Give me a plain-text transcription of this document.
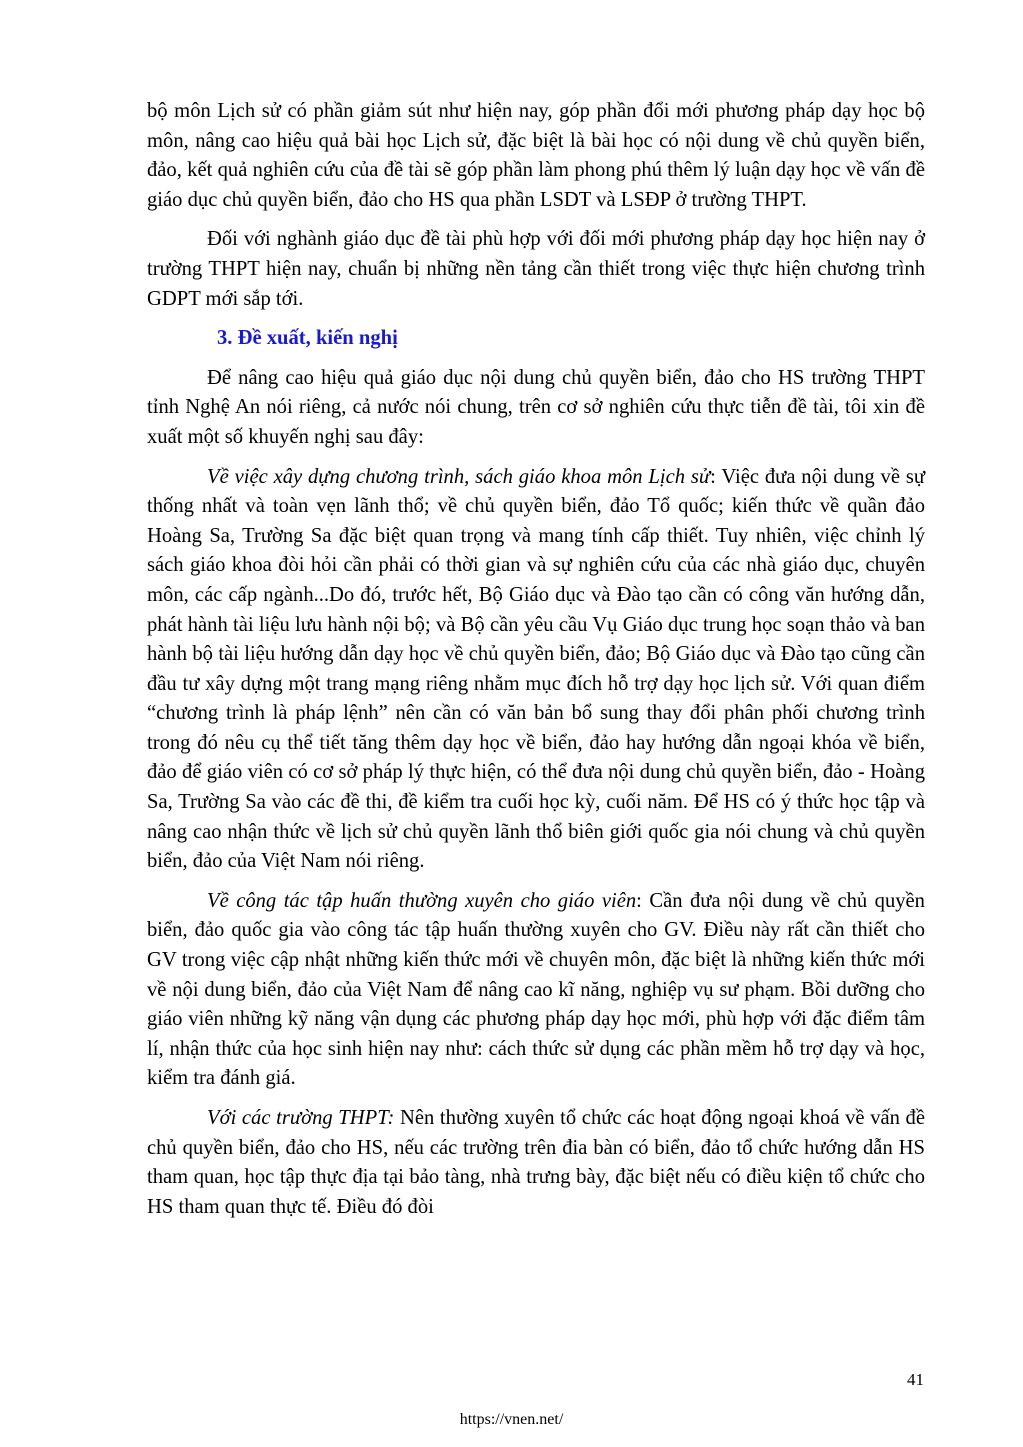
bộ môn Lịch sử có phần giảm sút như hiện nay, góp phần đổi mới phương pháp dạy học bộ môn, nâng cao hiệu quả bài học Lịch sử, đặc biệt là bài học có nội dung về chủ quyền biển, đảo, kết quả nghiên cứu của đề tài sẽ góp phần làm phong phú thêm lý luận dạy học về vấn đề giáo dục chủ quyền biển, đảo cho HS qua phần LSDT và LSĐP ở trường THPT.

Đối với nghành giáo dục đề tài phù hợp với đối mới phương pháp dạy học hiện nay ở trường THPT hiện nay, chuẩn bị những nền tảng cần thiết trong việc thực hiện chương trình GDPT mới sắp tới.

3. Đề xuất, kiến nghị

Để nâng cao hiệu quả giáo dục nội dung chủ quyền biển, đảo cho HS trường THPT tỉnh Nghệ An nói riêng, cả nước nói chung, trên cơ sở nghiên cứu thực tiễn đề tài, tôi xin đề xuất một số khuyến nghị sau đây:

Về việc xây dựng chương trình, sách giáo khoa môn Lịch sử: Việc đưa nội dung về sự thống nhất và toàn vẹn lãnh thổ; về chủ quyền biển, đảo Tổ quốc; kiến thức về quần đảo Hoàng Sa, Trường Sa đặc biệt quan trọng và mang tính cấp thiết. Tuy nhiên, việc chỉnh lý sách giáo khoa đòi hỏi cần phải có thời gian và sự nghiên cứu của các nhà giáo dục, chuyên môn, các cấp ngành...Do đó, trước hết, Bộ Giáo dục và Đào tạo cần có công văn hướng dẫn, phát hành tài liệu lưu hành nội bộ; và Bộ cần yêu cầu Vụ Giáo dục trung học soạn thảo và ban hành bộ tài liệu hướng dẫn dạy học về chủ quyền biển, đảo; Bộ Giáo dục và Đào tạo cũng cần đầu tư xây dựng một trang mạng riêng nhằm mục đích hỗ trợ dạy học lịch sử. Với quan điểm “chương trình là pháp lệnh” nên cần có văn bản bổ sung thay đổi phân phối chương trình trong đó nêu cụ thể tiết tăng thêm dạy học về biển, đảo hay hướng dẫn ngoại khóa về biển, đảo để giáo viên có cơ sở pháp lý thực hiện, có thể đưa nội dung chủ quyền biển, đảo - Hoàng Sa, Trường Sa vào các đề thi, đề kiểm tra cuối học kỳ, cuối năm. Để HS có ý thức học tập và nâng cao nhận thức về lịch sử chủ quyền lãnh thổ biên giới quốc gia nói chung và chủ quyền biển, đảo của Việt Nam nói riêng.

Về công tác tập huấn thường xuyên cho giáo viên: Cần đưa nội dung về chủ quyền biển, đảo quốc gia vào công tác tập huấn thường xuyên cho GV. Điều này rất cần thiết cho GV trong việc cập nhật những kiến thức mới về chuyên môn, đặc biệt là những kiến thức mới về nội dung biển, đảo của Việt Nam để nâng cao kĩ năng, nghiệp vụ sư phạm. Bồi dưỡng cho giáo viên những kỹ năng vận dụng các phương pháp dạy học mới, phù hợp với đặc điểm tâm lí, nhận thức của học sinh hiện nay như: cách thức sử dụng các phần mềm hỗ trợ dạy và học, kiểm tra đánh giá.

Với các trường THPT: Nên thường xuyên tổ chức các hoạt động ngoại khoá về vấn đề chủ quyền biển, đảo cho HS, nếu các trường trên đia bàn có biển, đảo tổ chức hướng dẫn HS tham quan, học tập thực địa tại bảo tàng, nhà trưng bày, đặc biệt nếu có điều kiện tổ chức cho HS tham quan thực tế. Điều đó đòi

41
https://vnen.net/
